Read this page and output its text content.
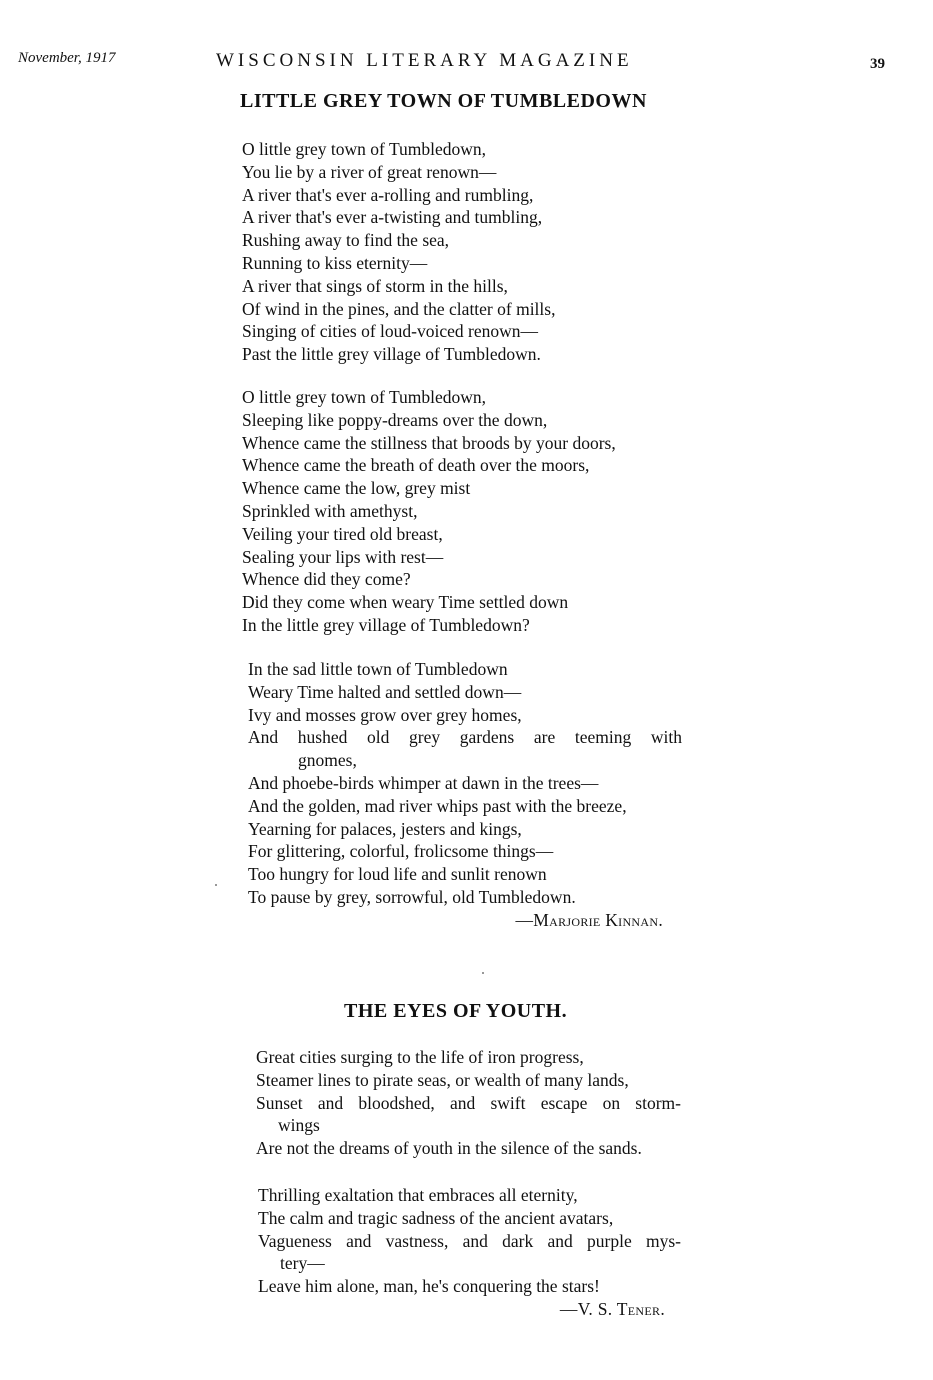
November, 1917	WISCONSIN LITERARY MAGAZINE	39
LITTLE GREY TOWN OF TUMBLEDOWN
O little grey town of Tumbledown,
You lie by a river of great renown—
A river that's ever a-rolling and rumbling,
A river that's ever a-twisting and tumbling,
Rushing away to find the sea,
Running to kiss eternity—
A river that sings of storm in the hills,
Of wind in the pines, and the clatter of mills,
Singing of cities of loud-voiced renown—
Past the little grey village of Tumbledown.
O little grey town of Tumbledown,
Sleeping like poppy-dreams over the down,
Whence came the stillness that broods by your doors,
Whence came the breath of death over the moors,
Whence came the low, grey mist
Sprinkled with amethyst,
Veiling your tired old breast,
Sealing your lips with rest—
Whence did they come?
Did they come when weary Time settled down
In the little grey village of Tumbledown?
In the sad little town of Tumbledown
Weary Time halted and settled down—
Ivy and mosses grow over grey homes,
And hushed old grey gardens are teeming with
gnomes,
And phoebe-birds whimper at dawn in the trees—
And the golden, mad river whips past with the breeze,
Yearning for palaces, jesters and kings,
For glittering, colorful, frolicsome things—
Too hungry for loud life and sunlit renown
To pause by grey, sorrowful, old Tumbledown.
—Marjorie Kinnan.
THE EYES OF YOUTH.
Great cities surging to the life of iron progress,
Steamer lines to pirate seas, or wealth of many lands,
Sunset and bloodshed, and swift escape on storm-
wings
Are not the dreams of youth in the silence of the sands.
Thrilling exaltation that embraces all eternity,
The calm and tragic sadness of the ancient avatars,
Vagueness and vastness, and dark and purple mys-
tery—
Leave him alone, man, he's conquering the stars!
—V. S. Tener.
